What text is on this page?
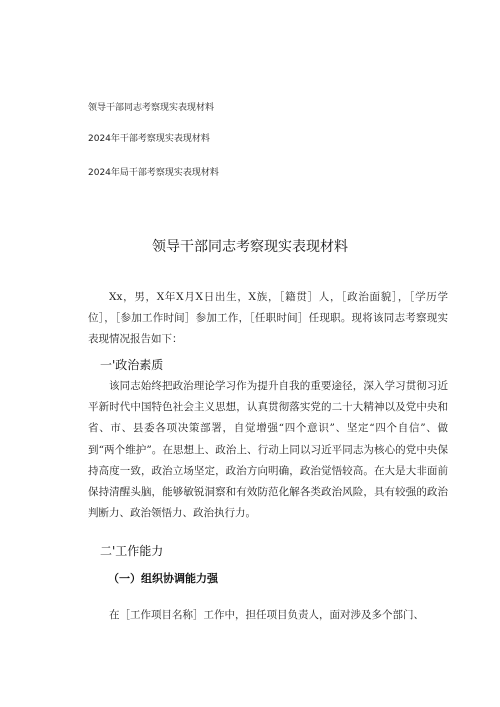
领导干部同志考察现实表现材料
2024年干部考察现实表现材料
2024年局干部考察现实表现材料
领导干部同志考察现实表现材料

Xx，男，X年X月X日出生，X族，［籍贯］人，［政治面貌］，［学历学位］，［参加工作时间］参加工作，［任职时间］任现职。现将该同志考察现实表现情况报告如下：

一'政治素质

该同志始终把政治理论学习作为提升自我的重要途径，深入学习贯彻习近平新时代中国特色社会主义思想，认真贯彻落实党的二十大精神以及党中央和省、市、县委各项决策部署，自觉增强“四个意识”、坚定“四个自信”、做到“两个维护”。在思想上、政治上、行动上同以习近平同志为核心的党中央保持高度一致，政治立场坚定，政治方向明确，政治觉悟较高。在大是大非面前保持清醒头脑，能够敏锐洞察和有效防范化解各类政治风险，具有较强的政治判断力、政治领悟力、政治执行力。

二'工作能力
（一）组织协调能力强

在［工作项目名称］工作中，担任项目负责人，面对涉及多个部门、
